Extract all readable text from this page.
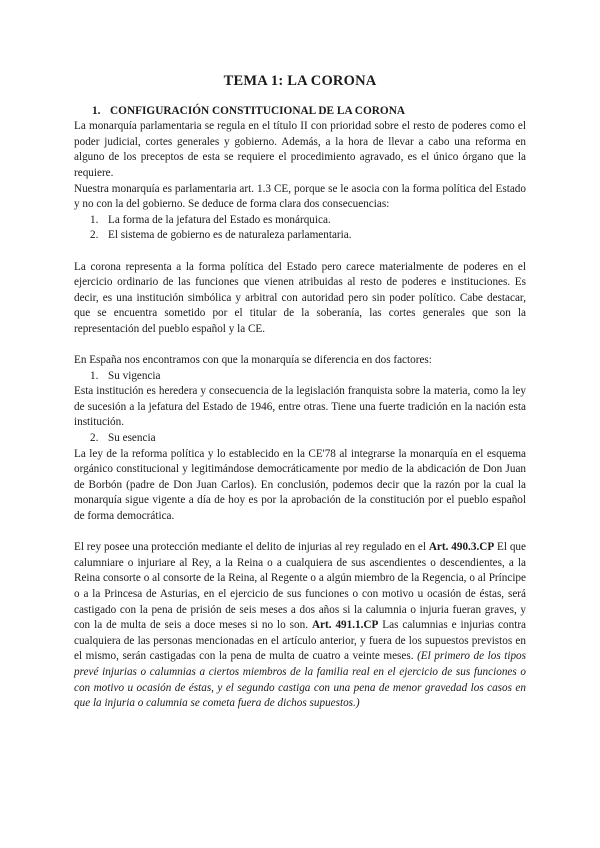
TEMA 1: LA CORONA
1. CONFIGURACIÓN CONSTITUCIONAL DE LA CORONA

La monarquía parlamentaria se regula en el título II con prioridad sobre el resto de poderes como el poder judicial, cortes generales y gobierno. Además, a la hora de llevar a cabo una reforma en alguno de los preceptos de esta se requiere el procedimiento agravado, es el único órgano que la requiere.

Nuestra monarquía es parlamentaria art. 1.3 CE, porque se le asocia con la forma política del Estado y no con la del gobierno. Se deduce de forma clara dos consecuencias:

1. La forma de la jefatura del Estado es monárquica.
2. El sistema de gobierno es de naturaleza parlamentaria.

La corona representa a la forma política del Estado pero carece materialmente de poderes en el ejercicio ordinario de las funciones que vienen atribuidas al resto de poderes e instituciones. Es decir, es una institución simbólica y arbitral con autoridad pero sin poder político. Cabe destacar, que se encuentra sometido por el titular de la soberanía, las cortes generales que son la representación del pueblo español y la CE.

En España nos encontramos con que la monarquía se diferencia en dos factores:

1. Su vigencia

Esta institución es heredera y consecuencia de la legislación franquista sobre la materia, como la ley de sucesión a la jefatura del Estado de 1946, entre otras. Tiene una fuerte tradición en la nación esta institución.

2. Su esencia

La ley de la reforma política y lo establecido en la CE'78 al integrarse la monarquía en el esquema orgánico constitucional y legitimándose democráticamente por medio de la abdicación de Don Juan de Borbón (padre de Don Juan Carlos). En conclusión, podemos decir que la razón por la cual la monarquía sigue vigente a día de hoy es por la aprobación de la constitución por el pueblo español de forma democrática.

El rey posee una protección mediante el delito de injurias al rey regulado en el Art. 490.3.CP El que calumniare o injuriare al Rey, a la Reina o a cualquiera de sus ascendientes o descendientes, a la Reina consorte o al consorte de la Reina, al Regente o a algún miembro de la Regencia, o al Príncipe o a la Princesa de Asturias, en el ejercicio de sus funciones o con motivo u ocasión de éstas, será castigado con la pena de prisión de seis meses a dos años si la calumnia o injuria fueran graves, y con la de multa de seis a doce meses si no lo son. Art. 491.1.CP Las calumnias e injurias contra cualquiera de las personas mencionadas en el artículo anterior, y fuera de los supuestos previstos en el mismo, serán castigadas con la pena de multa de cuatro a veinte meses. (El primero de los tipos prevé injurias o calumnias a ciertos miembros de la familia real en el ejercicio de sus funciones o con motivo u ocasión de éstas, y el segundo castiga con una pena de menor gravedad los casos en que la injuria o calumnia se cometa fuera de dichos supuestos.)
